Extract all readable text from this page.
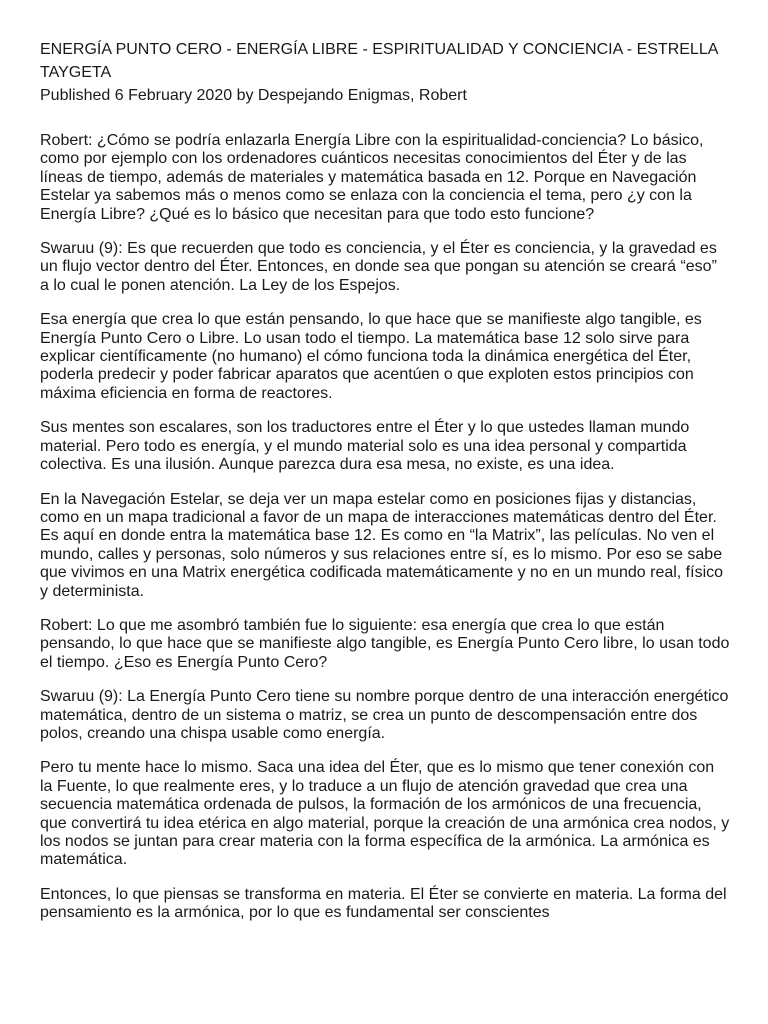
ENERGÍA PUNTO CERO - ENERGÍA LIBRE - ESPIRITUALIDAD Y CONCIENCIA - ESTRELLA TAYGETA
Published 6 February 2020 by Despejando Enigmas, Robert

Robert: ¿Cómo se podría enlazarla Energía Libre con la espiritualidad-conciencia? Lo básico, como por ejemplo con los ordenadores cuánticos necesitas conocimientos del Éter y de las líneas de tiempo, además de materiales y matemática basada en 12. Porque en Navegación Estelar ya sabemos más o menos como se enlaza con la conciencia el tema, pero ¿y con la Energía Libre? ¿Qué es lo básico que necesitan para que todo esto funcione?

Swaruu (9): Es que recuerden que todo es conciencia, y el Éter es conciencia, y la gravedad es un flujo vector dentro del Éter. Entonces, en donde sea que pongan su atención se creará “eso” a lo cual le ponen atención. La Ley de los Espejos.

Esa energía que crea lo que están pensando, lo que hace que se manifieste algo tangible, es Energía Punto Cero o Libre. Lo usan todo el tiempo. La matemática base 12 solo sirve para explicar científicamente (no humano) el cómo funciona toda la dinámica energética del Éter, poderla predecir y poder fabricar aparatos que acentúen o que exploten estos principios con máxima eficiencia en forma de reactores.

Sus mentes son escalares, son los traductores entre el Éter y lo que ustedes llaman mundo material. Pero todo es energía, y el mundo material solo es una idea personal y compartida colectiva. Es una ilusión. Aunque parezca dura esa mesa, no existe, es una idea.

En la Navegación Estelar, se deja ver un mapa estelar como en posiciones fijas y distancias, como en un mapa tradicional a favor de un mapa de interacciones matemáticas dentro del Éter. Es aquí en donde entra la matemática base 12. Es como en “la Matrix”, las películas. No ven el mundo, calles y personas, solo números y sus relaciones entre sí, es lo mismo. Por eso se sabe que vivimos en una Matrix energética codificada matemáticamente y no en un mundo real, físico y determinista.

Robert: Lo que me asombró también fue lo siguiente: esa energía que crea lo que están pensando, lo que hace que se manifieste algo tangible, es Energía Punto Cero libre, lo usan todo el tiempo. ¿Eso es Energía Punto Cero?

Swaruu (9): La Energía Punto Cero tiene su nombre porque dentro de una interacción energético matemática, dentro de un sistema o matriz, se crea un punto de descompensación entre dos polos, creando una chispa usable como energía.

Pero tu mente hace lo mismo. Saca una idea del Éter, que es lo mismo que tener conexión con la Fuente, lo que realmente eres, y lo traduce a un flujo de atención gravedad que crea una secuencia matemática ordenada de pulsos, la formación de los armónicos de una frecuencia, que convertirá tu idea etérica en algo material, porque la creación de una armónica crea nodos, y los nodos se juntan para crear materia con la forma específica de la armónica. La armónica es matemática.

Entonces, lo que piensas se transforma en materia. El Éter se convierte en materia. La forma del pensamiento es la armónica, por lo que es fundamental ser conscientes
